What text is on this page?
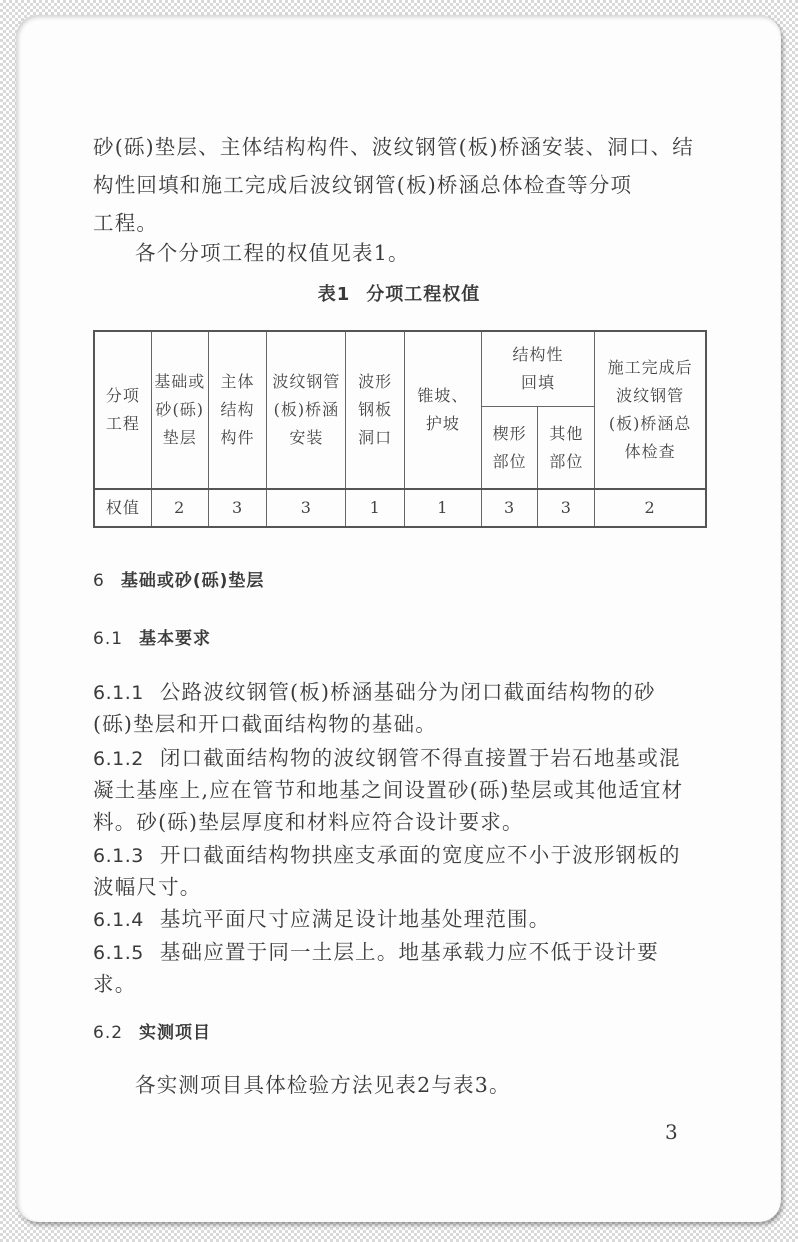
砂(砾)垫层、主体结构构件、波纹钢管(板)桥涵安装、洞口、结
构性回填和施工完成后波纹钢管(板)桥涵总体检查等分项
工程。
各个分项工程的权值见表1。
表1 分项工程权值
分项工程	基础或砂(砾)垫层	主体结构构件	波纹钢管(板)桥涵安装	波形钢板洞口	锥坡、护坡	结构性回填		施工完成后波纹钢管(板)桥涵总体检查

						楔形部位	其他部位	

权值	2	3	3	1	1	3	3	2
6 基础或砂(砾)垫层
6.1 基本要求
6.1.1 公路波纹钢管(板)桥涵基础分为闭口截面结构物的砂
(砾)垫层和开口截面结构物的基础。
6.1.2 闭口截面结构物的波纹钢管不得直接置于岩石地基或混
凝土基座上,应在管节和地基之间设置砂(砾)垫层或其他适宜材
料。砂(砾)垫层厚度和材料应符合设计要求。
6.1.3 开口截面结构物拱座支承面的宽度应不小于波形钢板的
波幅尺寸。
6.1.4 基坑平面尺寸应满足设计地基处理范围。
6.1.5 基础应置于同一土层上。地基承载力应不低于设计要
求。
6.2 实测项目
各实测项目具体检验方法见表2与表3。
3
